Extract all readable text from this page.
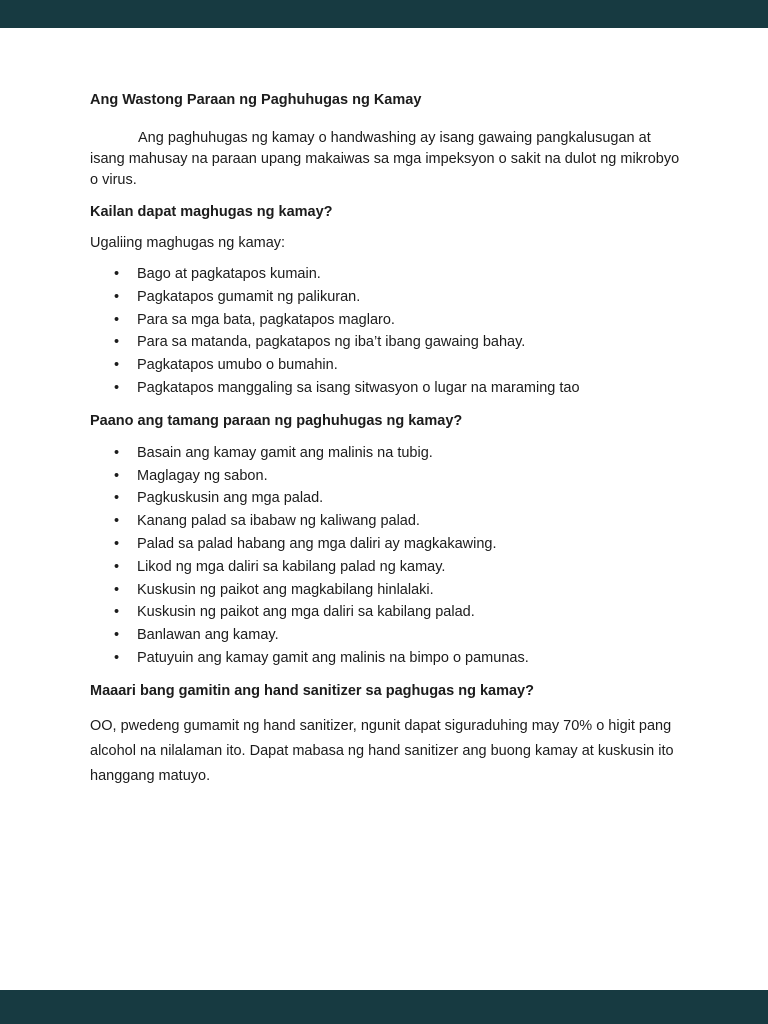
Ang Wastong Paraan ng Paghuhugas ng Kamay

Ang paghuhugas ng kamay o handwashing ay isang gawaing pangkalusugan at isang mahusay na paraan upang makaiwas sa mga impeksyon o sakit na dulot ng mikrobyo o virus.

Kailan dapat maghugas ng kamay?

Ugaliing maghugas ng kamay:

• Bago at pagkatapos kumain.
• Pagkatapos gumamit ng palikuran.
• Para sa mga bata, pagkatapos maglaro.
• Para sa matanda, pagkatapos ng iba’t ibang gawaing bahay.
• Pagkatapos umubo o bumahin.
• Pagkatapos manggaling sa isang sitwasyon o lugar na maraming tao
Paano ang tamang paraan ng paghuhugas ng kamay?
• Basain ang kamay gamit ang malinis na tubig.
• Maglagay ng sabon.
• Pagkuskusin ang mga palad.
• Kanang palad sa ibabaw ng kaliwang palad.
• Palad sa palad habang ang mga daliri ay magkakawing.
• Likod ng mga daliri sa kabilang palad ng kamay.
• Kuskusin ng paikot ang magkabilang hinlalaki.
• Kuskusin ng paikot ang mga daliri sa kabilang palad.
• Banlawan ang kamay.
• Patuyuin ang kamay gamit ang malinis na bimpo o pamunas.
Maaari bang gamitin ang hand sanitizer sa paghugas ng kamay?

OO, pwedeng gumamit ng hand sanitizer, ngunit dapat siguraduhing may 70% o higit pang alcohol na nilalaman ito. Dapat mabasa ng hand sanitizer ang buong kamay at kuskusin ito hanggang matuyo.
